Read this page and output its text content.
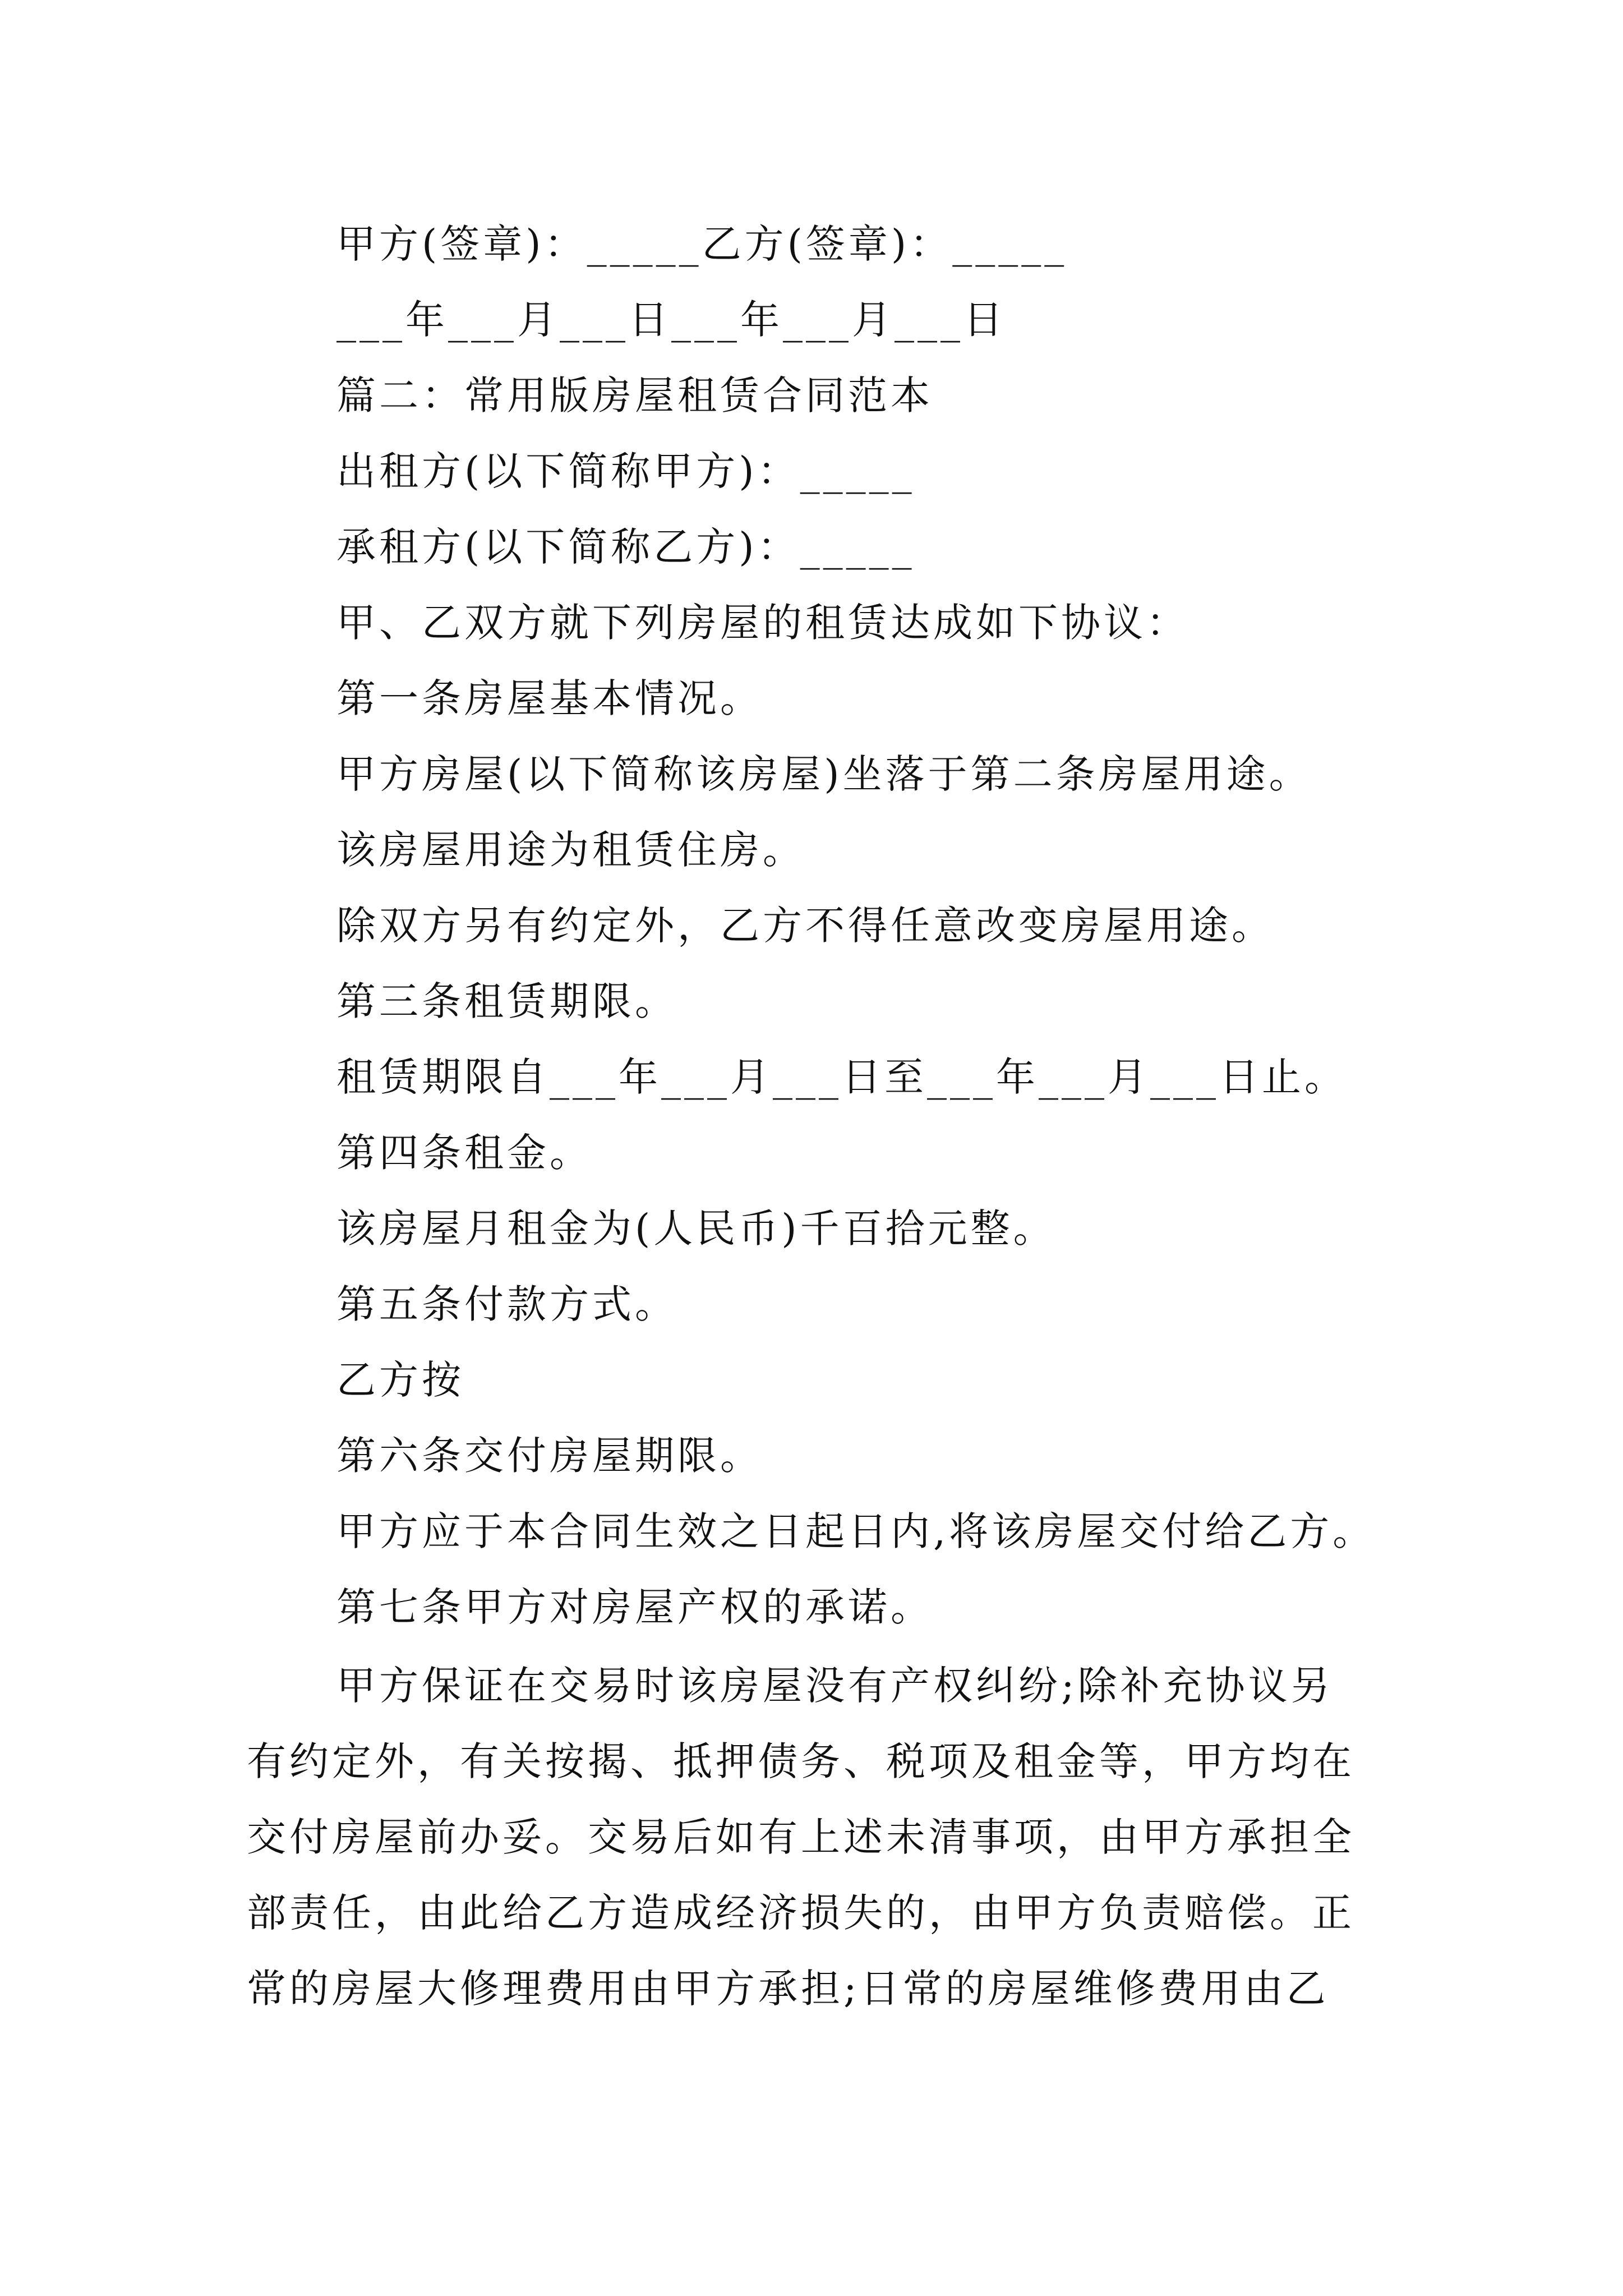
甲方(签章)：_____乙方(签章)：_____
___年___月___日___年___月___日
篇二：常用版房屋租赁合同范本
出租方(以下简称甲方)：_____
承租方(以下简称乙方)：_____
甲、乙双方就下列房屋的租赁达成如下协议：
第一条房屋基本情况。
甲方房屋(以下简称该房屋)坐落于第二条房屋用途。
该房屋用途为租赁住房。
除双方另有约定外，乙方不得任意改变房屋用途。
第三条租赁期限。
租赁期限自___年___月___日至___年___月___日止。
第四条租金。
该房屋月租金为(人民币)千百拾元整。
第五条付款方式。
乙方按
第六条交付房屋期限。
甲方应于本合同生效之日起日内,将该房屋交付给乙方。
第七条甲方对房屋产权的承诺。
甲方保证在交易时该房屋没有产权纠纷;除补充协议另
有约定外，有关按揭、抵押债务、税项及租金等，甲方均在
交付房屋前办妥。交易后如有上述未清事项，由甲方承担全
部责任，由此给乙方造成经济损失的，由甲方负责赔偿。正
常的房屋大修理费用由甲方承担;日常的房屋维修费用由乙
